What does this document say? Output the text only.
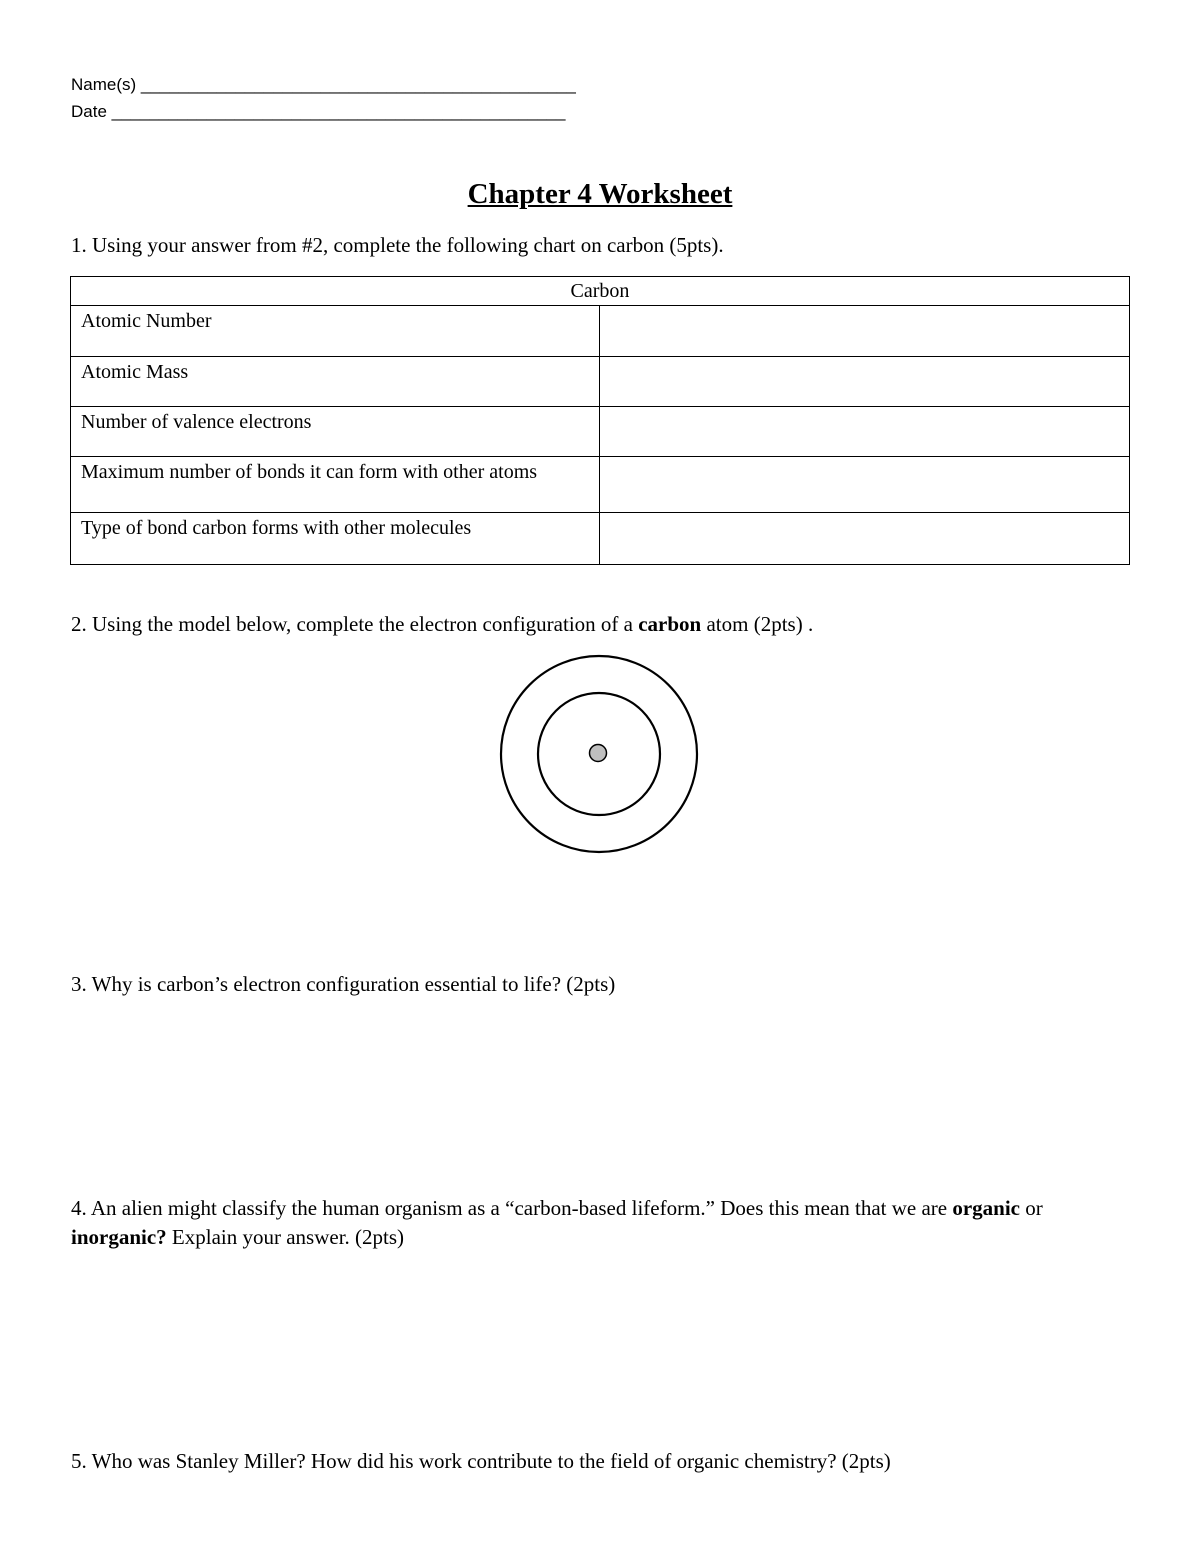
Name(s) ______________________________________________
Date ________________________________________________
Chapter 4 Worksheet
1. Using your answer from #2, complete the following chart on carbon (5pts).
Carbon	
Atomic Number	
Atomic Mass	
Number of valence electrons	
Maximum number of bonds it can form with other atoms	
Type of bond carbon forms with other molecules	
2. Using the model below, complete the electron configuration of a carbon atom (2pts) .
3. Why is carbon’s electron configuration essential to life? (2pts)
4. An alien might classify the human organism as a “carbon-based lifeform.” Does this mean that we are organic or inorganic? Explain your answer. (2pts)
5. Who was Stanley Miller? How did his work contribute to the field of organic chemistry? (2pts)
